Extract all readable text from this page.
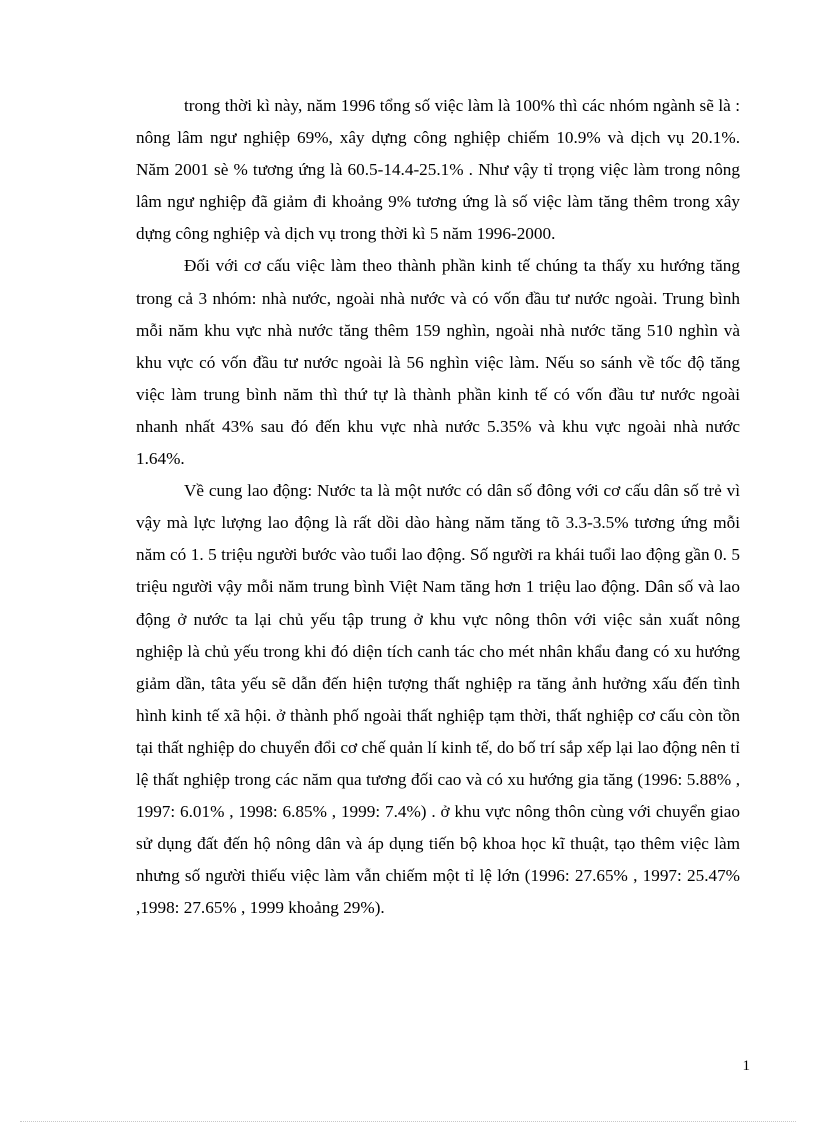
trong thời kì này, năm 1996 tổng số việc làm là 100% thì các nhóm ngành sẽ là : nông lâm ngư nghiệp 69%, xây dựng công nghiệp chiếm 10.9% và dịch vụ 20.1%. Năm 2001 sè % tương ứng là 60.5-14.4-25.1% . Như vậy tỉ trọng việc làm trong nông lâm ngư nghiệp đã giảm đi khoảng 9% tương ứng là số việc làm tăng thêm trong xây dựng công nghiệp và dịch vụ trong thời kì 5 năm 1996-2000.

Đối với cơ cấu việc làm theo thành phần kinh tế chúng ta thấy xu hướng tăng trong cả 3 nhóm: nhà nước, ngoài nhà nước và có vốn đầu tư nước ngoài. Trung bình mỗi năm khu vực nhà nước tăng thêm 159 nghìn, ngoài nhà nước tăng 510 nghìn và khu vực có vốn đầu tư nước ngoài là 56 nghìn việc làm. Nếu so sánh về tốc độ tăng việc làm trung bình năm thì thứ tự là thành phần kinh tế có vốn đầu tư nước ngoài nhanh nhất 43% sau đó đến khu vực nhà nước 5.35% và khu vực ngoài nhà nước 1.64%.

Về cung lao động: Nước ta là một nước có dân số đông với cơ cấu dân số trẻ vì vậy mà lực lượng lao động là rất dồi dào hàng năm tăng tõ 3.3-3.5% tương ứng mỗi năm có 1. 5 triệu người bước vào tuổi lao động. Số người ra khái tuổi lao động gần 0. 5 triệu người vậy mỗi năm trung bình Việt Nam tăng hơn 1 triệu lao động. Dân số và lao động ở nước ta lại chủ yếu tập trung ở khu vực nông thôn với việc sản xuất nông nghiệp là chủ yếu trong khi đó diện tích canh tác cho mét nhân khẩu đang có xu hướng giảm dần, tâta yếu sẽ dẫn đến hiện tượng thất nghiệp ra tăng ảnh hưởng xấu đến tình hình kinh tế xã hội. ở thành phố ngoài thất nghiệp tạm thời, thất nghiệp cơ cấu còn tồn tại thất nghiệp do chuyển đổi cơ chế quản lí kinh tế, do bố trí sắp xếp lại lao động nên tỉ lệ thất nghiệp trong các năm qua tương đối cao và có xu hướng gia tăng (1996: 5.88% , 1997: 6.01% , 1998: 6.85% , 1999: 7.4%) . ở khu vực nông thôn cùng với chuyển giao sử dụng đất đến hộ nông dân và áp dụng tiến bộ khoa học kĩ thuật, tạo thêm việc làm nhưng số người thiếu việc làm vẫn chiếm một tỉ lệ lớn (1996: 27.65% , 1997: 25.47% ,1998: 27.65% , 1999 khoảng 29%).

1
